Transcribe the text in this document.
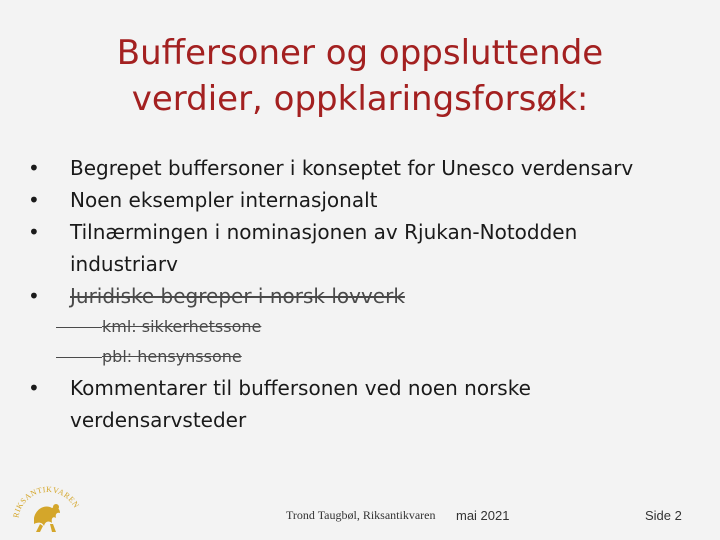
Buffersoner og oppsluttende
verdier, oppklaringsforsøk:
•	Begrepet buffersoner i konseptet for Unesco verdensarv
•	Noen eksempler internasjonalt
•	Tilnærmingen i nominasjonen av Rjukan-Notodden
industriarv
•	Juridiske begreper i norsk lovverk
kml: sikkerhetssone
pbl: hensynssone
•	Kommentarer til buffersonen ved noen norske
verdensarvsteder
RIKSANTIKVAREN
Trond Taugbøl, Riksantikvaren mai 2021	Side 2
